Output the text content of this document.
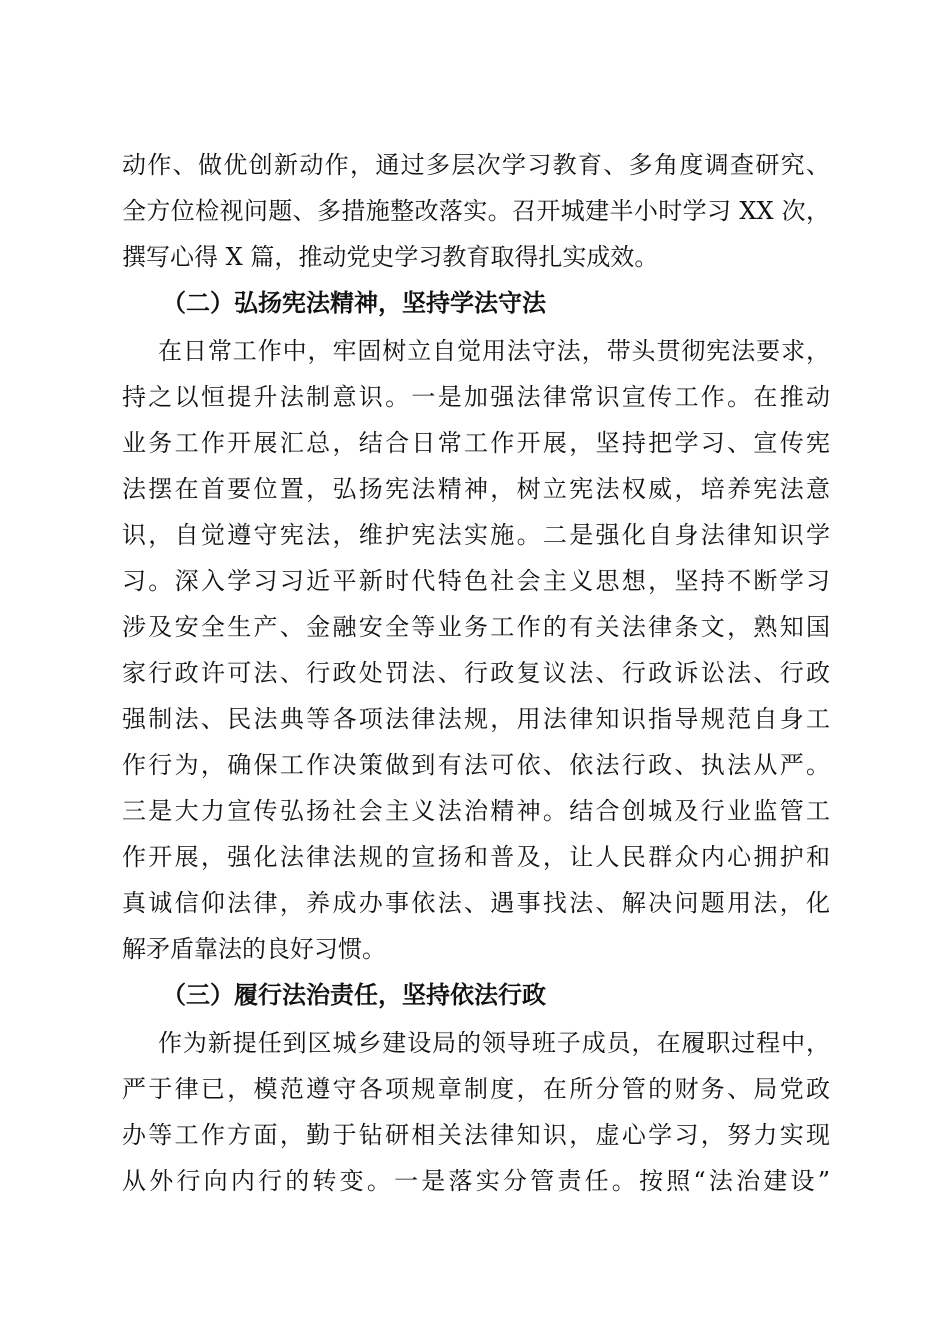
动作、做优创新动作，通过多层次学习教育、多角度调查研究、
全方位检视问题、多措施整改落实。召开城建半小时学习 XX 次，
撰写心得 X 篇，推动党史学习教育取得扎实成效。
（二）弘扬宪法精神，坚持学法守法
在日常工作中，牢固树立自觉用法守法，带头贯彻宪法要求，
持之以恒提升法制意识。一是加强法律常识宣传工作。在推动
业务工作开展汇总，结合日常工作开展，坚持把学习、宣传宪
法摆在首要位置，弘扬宪法精神，树立宪法权威，培养宪法意
识，自觉遵守宪法，维护宪法实施。二是强化自身法律知识学
习。深入学习习近平新时代特色社会主义思想，坚持不断学习
涉及安全生产、金融安全等业务工作的有关法律条文，熟知国
家行政许可法、行政处罚法、行政复议法、行政诉讼法、行政
强制法、民法典等各项法律法规，用法律知识指导规范自身工
作行为，确保工作决策做到有法可依、依法行政、执法从严。
三是大力宣传弘扬社会主义法治精神。结合创城及行业监管工
作开展，强化法律法规的宣扬和普及，让人民群众内心拥护和
真诚信仰法律，养成办事依法、遇事找法、解决问题用法，化
解矛盾靠法的良好习惯。
（三）履行法治责任，坚持依法行政
作为新提任到区城乡建设局的领导班子成员，在履职过程中，
严于律已，模范遵守各项规章制度，在所分管的财务、局党政
办等工作方面，勤于钻研相关法律知识，虚心学习，努力实现
从外行向内行的转变。一是落实分管责任。按照“法治建设”
